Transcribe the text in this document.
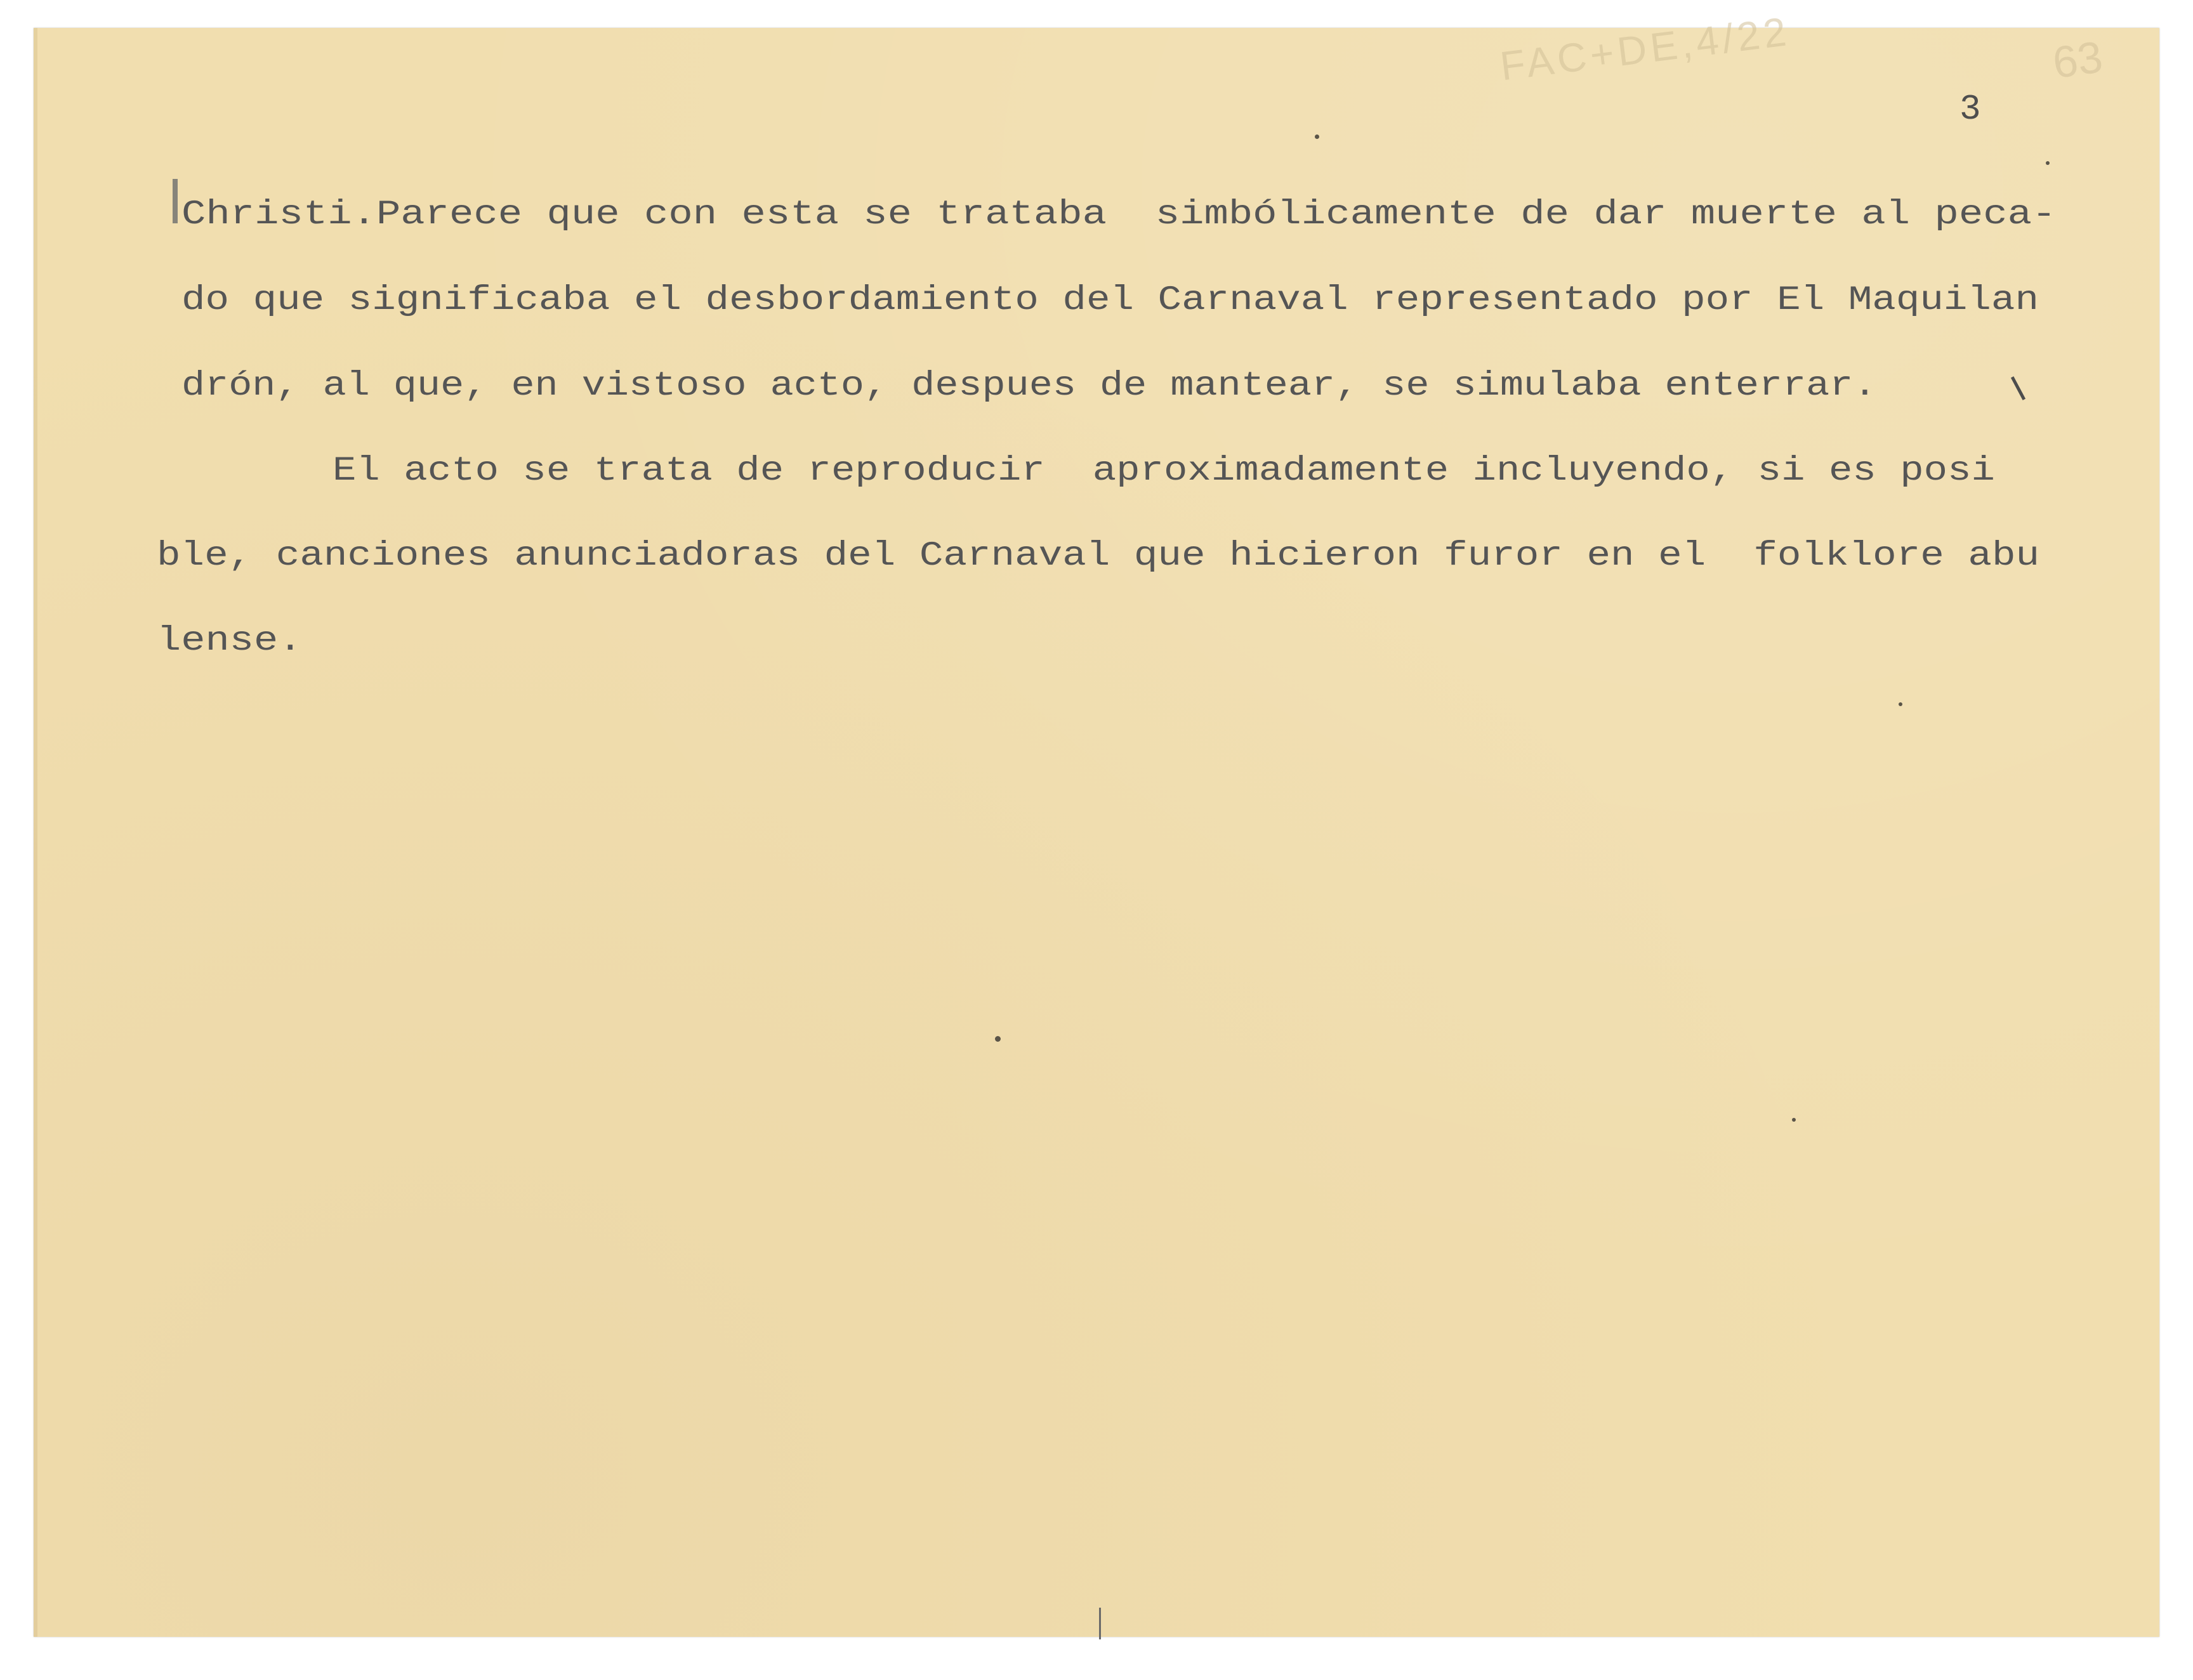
63
FAC+DE,4/22
3
Christi.Parece que con esta se trataba  simbólicamente de dar muerte al peca-
do que significaba el desbordamiento del Carnaval representado por El Maquilan
drón, al que, en vistoso acto, despues de mantear, se simulaba enterrar.
El acto se trata de reproducir  aproximadamente incluyendo, si es posi
ble, canciones anunciadoras del Carnaval que hicieron furor en el  folklore abu
lense.
